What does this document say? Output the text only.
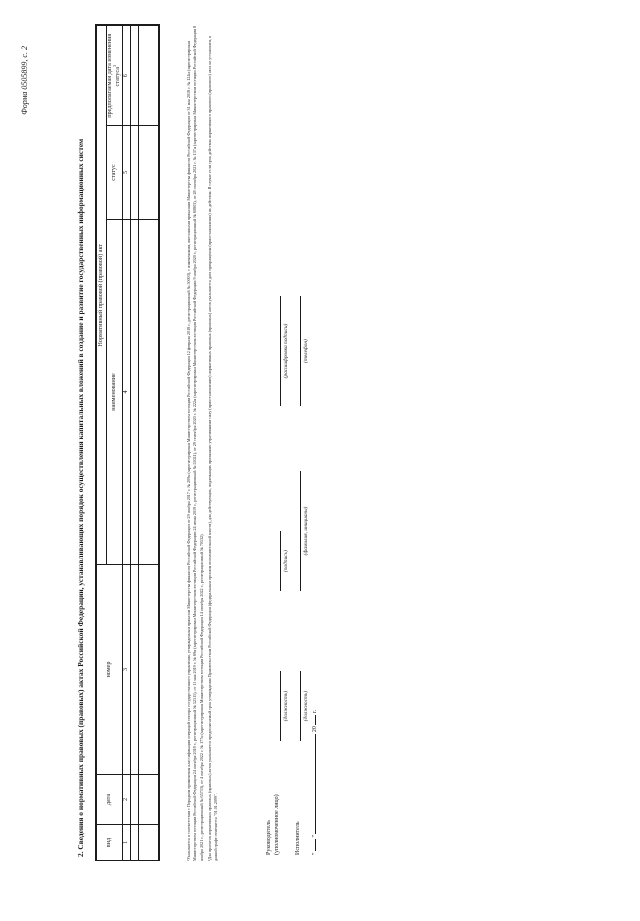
Форма 0505899, с. 2
2. Сведения о нормативных правовых (правовых) актах Российской Федерации, устанавливающих порядок осуществления капитальных вложений в создание и развитие государственных информационных систем	вид	дата	номер	Нормативный правовой (правовой) акт		
			наименование	статус	предполагаемая дата изменения статуса$^3$
1	2	3	4	5	6

						¹Указывается в соответствии с Порядком применения классификации операций сектора государственного управления, утвержденным приказом Министерства финансов Российской Федерации от 29 ноября 2017 г. № 209н (зарегистрирован Министерством юстиции Российской Федерации 12 февраля 2018 г., регистрационный № 50003), с изменениями, внесенными приказами Министерства финансов Российской Федерации от 31 мая 2018 г. № 124н (зарегистрирован Министерством юстиции Российской Федерации 24 октября 2018 г., регистрационный № 52511), от 11 мая 2019 г. № 69н (зарегистрирован Министерством юстиции Российской Федерации 24 июня 2019 г., регистрационный № 55021), от 29 сентября 2020 г. № 222н (зарегистрирован Министерством юстиции Российской Федерации 9 ноября 2020 г., регистрационный № 60803), от 28 сентября 2021 г. № 137н (зарегистрирован Министерством юстиции Российской Федерации 8 ноября 2021 г., регистрационный № 65733), от 4 октября 2022 г. № 177н (зарегистрирован Министерством юстиции Российской Федерации 14 октября 2022 г., регистрационный № 70532). ³Для проектов нормативных правовых (правовых) актов указывается предполагаемый срок утверждения Правительством Российской Федерации (федеральным органом исполнительной власти), для действующих, подлежащих признанию утратившими силу (приостановлению) нормативных правовых (правовых) актов указывается дата прекращения (приостановления) их действия. В случае если срок действия нормативного правового (правового) акта не установлен, в данной графе отмечается "01.01.2099".	Руководитель (уполномоченное лицо)
(должность)
(подпись)
(расшифровка подписи)
Исполнитель
(должность)
(фамилия, инициалы)
(телефон)
"  "  20  г.
